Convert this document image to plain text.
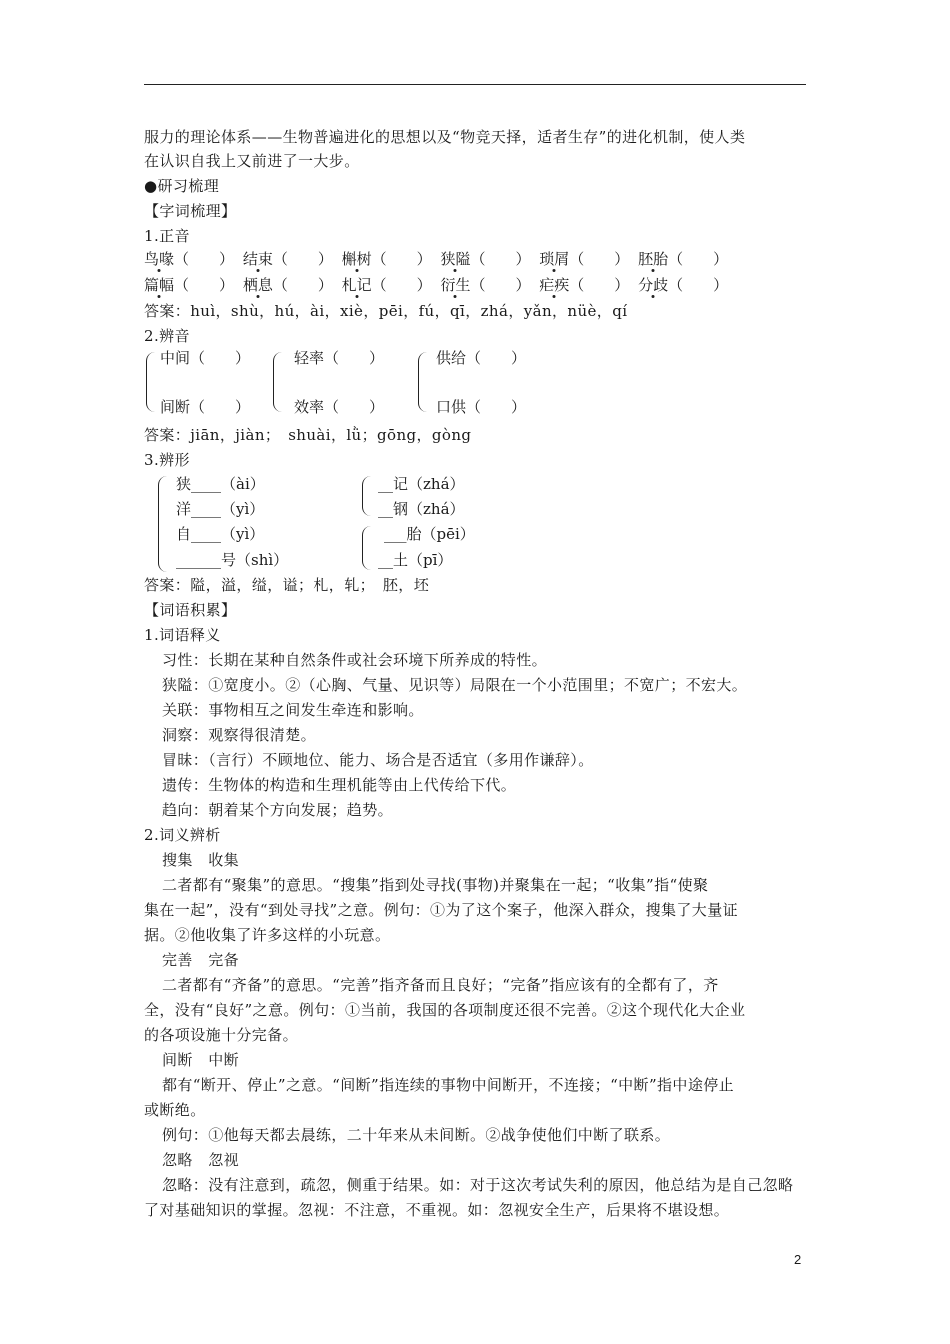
服力的理论体系——生物普遍进化的思想以及“物竞天择，适者生存”的进化机制，使人类
在认识自我上又前进了一大步。
●研习梳理
【字词梳理】
1.正音
鸟喙（　　） 结束（　　） 槲树（　　） 狭隘（　　） 琐屑（　　） 胚胎（　　）
篇幅（　　） 栖息（　　） 札记（　　） 衍生（　　） 疟疾（　　） 分歧（　　）
答案：huì，shù，hú，ài，xiè，pēi，fú，qī，zhá，yǎn，nüè，qí
2.辨音
中间（　　）
间断（　　）
轻率（　　）
效率（　　）
供给（　　）
口供（　　）
答案：jiān，jiàn；　shuài，lǜ；gōng，gòng
3.辨形
狭____（ài）
洋____（yì）
自____（yì）
______号（shì）
__记（zhá）
__钢（zhá）
___胎（pēi）
__土（pī）
答案：隘，溢，缢，谥；札，轧；　胚，坯
【词语积累】
1.词语释义
习性：长期在某种自然条件或社会环境下所养成的特性。
狭隘：①宽度小。②（心胸、气量、见识等）局限在一个小范围里；不宽广；不宏大。
关联：事物相互之间发生牵连和影响。
洞察：观察得很清楚。
冒昧：（言行）不顾地位、能力、场合是否适宜（多用作谦辞）。
遗传：生物体的构造和生理机能等由上代传给下代。
趋向：朝着某个方向发展；趋势。
2.词义辨析
搜集　收集
二者都有“聚集”的意思。“搜集”指到处寻找(事物)并聚集在一起；“收集”指“使聚
集在一起”，没有“到处寻找”之意。例句：①为了这个案子，他深入群众，搜集了大量证
据。②他收集了许多这样的小玩意。
完善　完备
二者都有“齐备”的意思。“完善”指齐备而且良好；“完备”指应该有的全都有了，齐
全，没有“良好”之意。例句：①当前，我国的各项制度还很不完善。②这个现代化大企业
的各项设施十分完备。
间断　中断
都有“断开、停止”之意。“间断”指连续的事物中间断开，不连接；“中断”指中途停止
或断绝。
例句：①他每天都去晨练，二十年来从未间断。②战争使他们中断了联系。
忽略　忽视
忽略：没有注意到，疏忽，侧重于结果。如：对于这次考试失利的原因，他总结为是自己忽略
了对基础知识的掌握。忽视：不注意，不重视。如：忽视安全生产，后果将不堪设想。
2
